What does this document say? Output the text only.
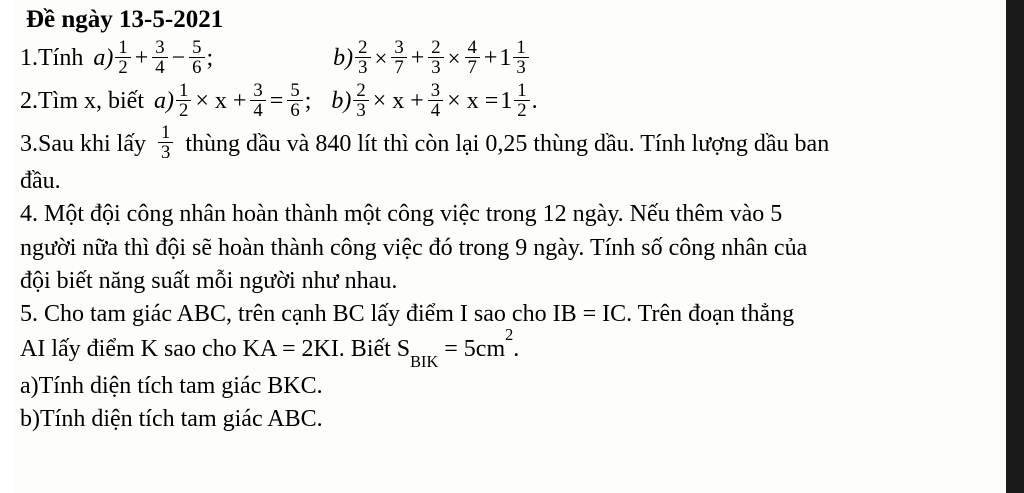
Đề ngày 13-5-2021
1.Tính $a) \frac{1}{2} + \frac{3}{4} - \frac{5}{6}$ ;	$b) \frac{2}{3} \times \frac{3}{7} + \frac{2}{3} \times \frac{4}{7} + 1 \frac{1}{3}$
2.Tìm x, biết $a) \frac{1}{2} \times x + \frac{3}{4} = \frac{5}{6}$ ; $b) \frac{2}{3} \times x + \frac{3}{4} \times x = 1 \frac{1}{2}$ .
3.Sau khi lấy $\frac{1}{3}$ thùng dầu và 840 lít thì còn lại 0,25 thùng dầu. Tính lượng dầu ban
đầu.
4. Một đội công nhân hoàn thành một công việc trong 12 ngày. Nếu thêm vào 5
người nữa thì đội sẽ hoàn thành công việc đó trong 9 ngày. Tính số công nhân của
đội biết năng suất mỗi người như nhau.
5. Cho tam giác ABC, trên cạnh BC lấy điểm I sao cho IB = IC. Trên đoạn thẳng
AI lấy điểm K sao cho KA = 2KI. Biết $S_{BIK} = 5cm^2$.
a)Tính diện tích tam giác BKC.
b)Tính diện tích tam giác ABC.
